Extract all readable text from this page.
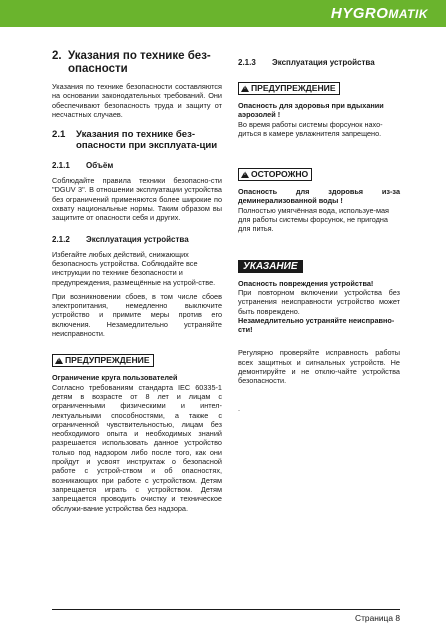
HYGROMATIK
2. Указания по технике без-опасности

Указания по технике безопасности составляются на основании законодательных требований. Они обеспечивают безопасность труда и защиту от несчастных случаев.

2.1	Указания по технике без-опасности при эксплуата-ции
2.1.1	Объём

Соблюдайте правила техники безопасно-сти "DGUV 3". В отношении эксплуатации устройства без ограничений применяются более широкие по охвату национальные нормы. Таким образом вы защитите от опасности себя и других.

2.1.2	Эксплуатация устройства

Избегайте любых действий, снижающих безопасность устройства. Соблюдайте все инструкции по технике безопасности и предупреждения, размещённые на устрой-стве.

При возникновении сбоев, в том числе сбоев электропитания, немедленно выключите устройство и примите меры против его включения. Незамедлительно устраняйте неисправности.

!ПРЕДУПРЕЖДЕНИЕ

Ограничение круга пользователей

Согласно требованиям стандарта IEC 60335-1 детям в возрасте от 8 лет и лицам с ограниченными физическими и интел-лектуальными способностями, а также с ограниченной чувствительностью, лицам без необходимого опыта и необходимых знаний разрешается использовать данное устройство только под надзором либо после того, как они пройдут и усвоят инструктаж о безопасной работе с устрой-ством и об опасностях, возникающих при работе с устройством. Детям запрещается играть с устройством. Детям запрещается проводить очистку и техническое обслужи-вание устройства без надзора.

2.1.3	Эксплуатация устройства
!ПРЕДУПРЕЖДЕНИЕ

Опасность для здоровья при вдыхании аэрозолей !

Во время работы системы форсунок нахо-диться в камере увлажнителя запрещено.

!ОСТОРОЖНО

Опасность для здоровья из-за деминерализованной воды !

Полностью умягчённая вода, используе-мая для работы системы форсунок, не пригодна для питья.

УКАЗАНИЕ

Опасность повреждения устройства!

При повторном включении устройства без устранения неисправности устройство может быть повреждено.

Незамедлительно устраняйте неисправно-сти!

Регулярно проверяйте исправность работы всех защитных и сигнальных устройств. Не демонтируйте и не отклю-чайте устройства безопасности.

.

Страница 8
